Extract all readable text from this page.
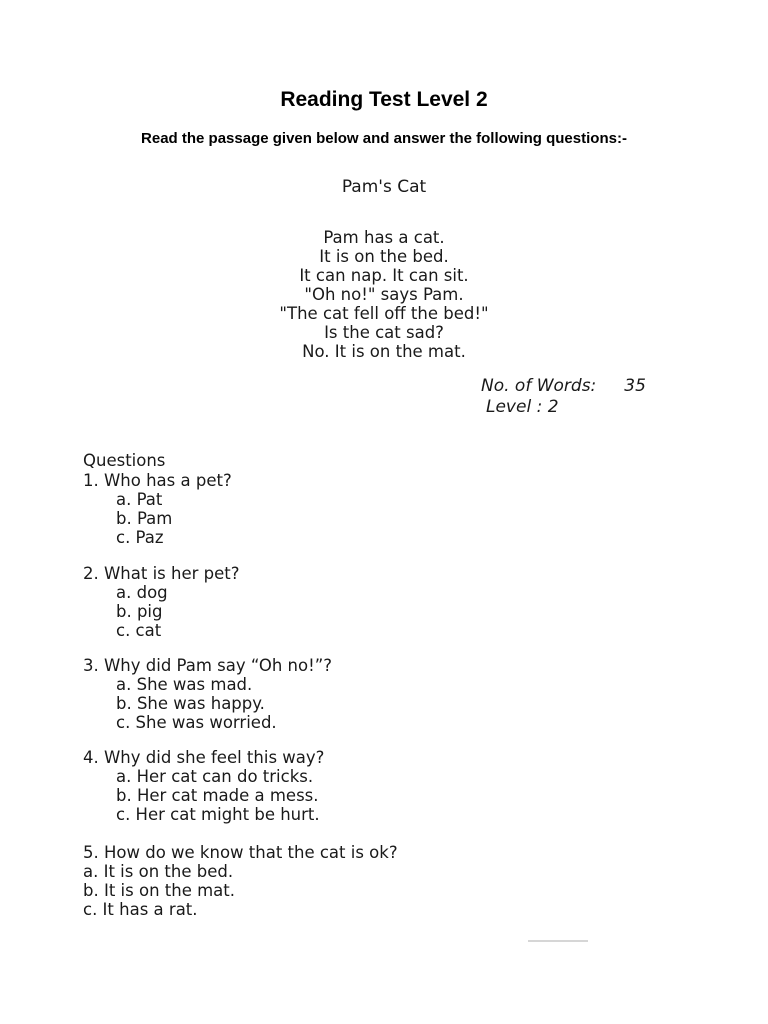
Reading Test Level 2
Read the passage given below and answer the following questions:-
Pam's Cat
Pam has a cat.
It is on the bed.
It can nap. It can sit.
"Oh no!" says Pam.
"The cat fell off the bed!"
Is the cat sad?
No. It is on the mat.
No. of Words: 35
Level : 2
Questions
1. Who has a pet?
a. Pat
b. Pam
c. Paz
2. What is her pet?
a. dog
b. pig
c. cat
3. Why did Pam say “Oh no!”?
a. She was mad.
b. She was happy.
c. She was worried.
4. Why did she feel this way?
a. Her cat can do tricks.
b. Her cat made a mess.
c. Her cat might be hurt.
5. How do we know that the cat is ok?
a. It is on the bed.
b. It is on the mat.
c. It has a rat.
